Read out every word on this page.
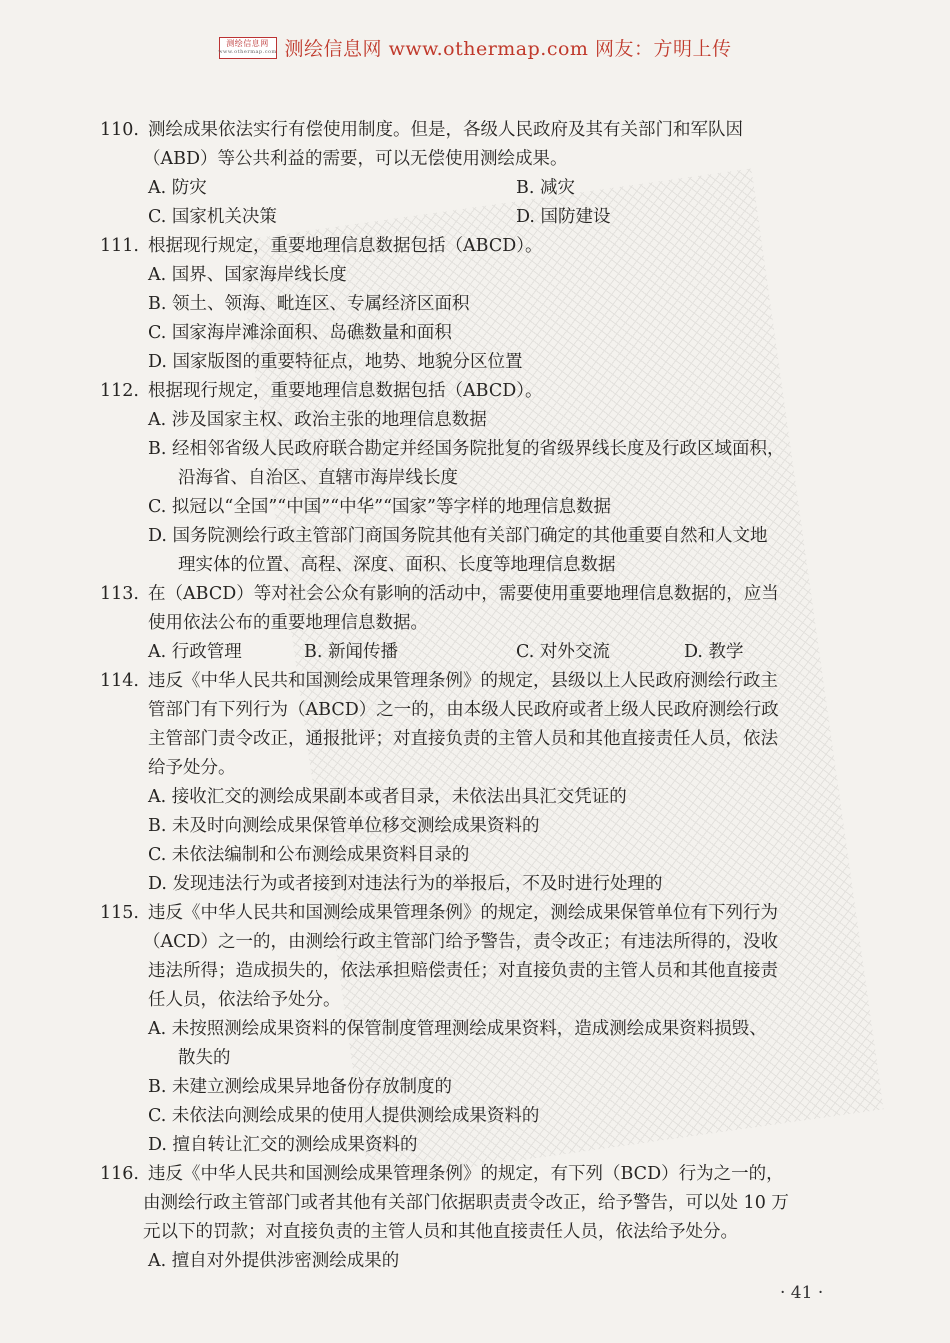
测绘信息网
www.othermap.com 测绘信息网 www.othermap.com 网友：方明上传
110. 测绘成果依法实行有偿使用制度。但是，各级人民政府及其有关部门和军队因
（ABD）等公共利益的需要，可以无偿使用测绘成果。
A. 防灾	B. 减灾
C. 国家机关决策	D. 国防建设
111. 根据现行规定，重要地理信息数据包括（ABCD）。
A. 国界、国家海岸线长度
B. 领土、领海、毗连区、专属经济区面积
C. 国家海岸滩涂面积、岛礁数量和面积
D. 国家版图的重要特征点，地势、地貌分区位置
112. 根据现行规定，重要地理信息数据包括（ABCD）。
A. 涉及国家主权、政治主张的地理信息数据
B. 经相邻省级人民政府联合勘定并经国务院批复的省级界线长度及行政区域面积，
沿海省、自治区、直辖市海岸线长度
C. 拟冠以“全国”“中国”“中华”“国家”等字样的地理信息数据
D. 国务院测绘行政主管部门商国务院其他有关部门确定的其他重要自然和人文地
理实体的位置、高程、深度、面积、长度等地理信息数据
113. 在（ABCD）等对社会公众有影响的活动中，需要使用重要地理信息数据的，应当
使用依法公布的重要地理信息数据。
A. 行政管理	B. 新闻传播	C. 对外交流	D. 教学
114. 违反《中华人民共和国测绘成果管理条例》的规定，县级以上人民政府测绘行政主
管部门有下列行为（ABCD）之一的，由本级人民政府或者上级人民政府测绘行政
主管部门责令改正，通报批评；对直接负责的主管人员和其他直接责任人员，依法
给予处分。
A. 接收汇交的测绘成果副本或者目录，未依法出具汇交凭证的
B. 未及时向测绘成果保管单位移交测绘成果资料的
C. 未依法编制和公布测绘成果资料目录的
D. 发现违法行为或者接到对违法行为的举报后，不及时进行处理的
115. 违反《中华人民共和国测绘成果管理条例》的规定，测绘成果保管单位有下列行为
（ACD）之一的，由测绘行政主管部门给予警告，责令改正；有违法所得的，没收
违法所得；造成损失的，依法承担赔偿责任；对直接负责的主管人员和其他直接责
任人员，依法给予处分。
A. 未按照测绘成果资料的保管制度管理测绘成果资料，造成测绘成果资料损毁、
散失的
B. 未建立测绘成果异地备份存放制度的
C. 未依法向测绘成果的使用人提供测绘成果资料的
D. 擅自转让汇交的测绘成果资料的
116. 违反《中华人民共和国测绘成果管理条例》的规定，有下列（BCD）行为之一的，
由测绘行政主管部门或者其他有关部门依据职责责令改正，给予警告，可以处 10 万
元以下的罚款；对直接负责的主管人员和其他直接责任人员，依法给予处分。
A. 擅自对外提供涉密测绘成果的
· 41 ·
